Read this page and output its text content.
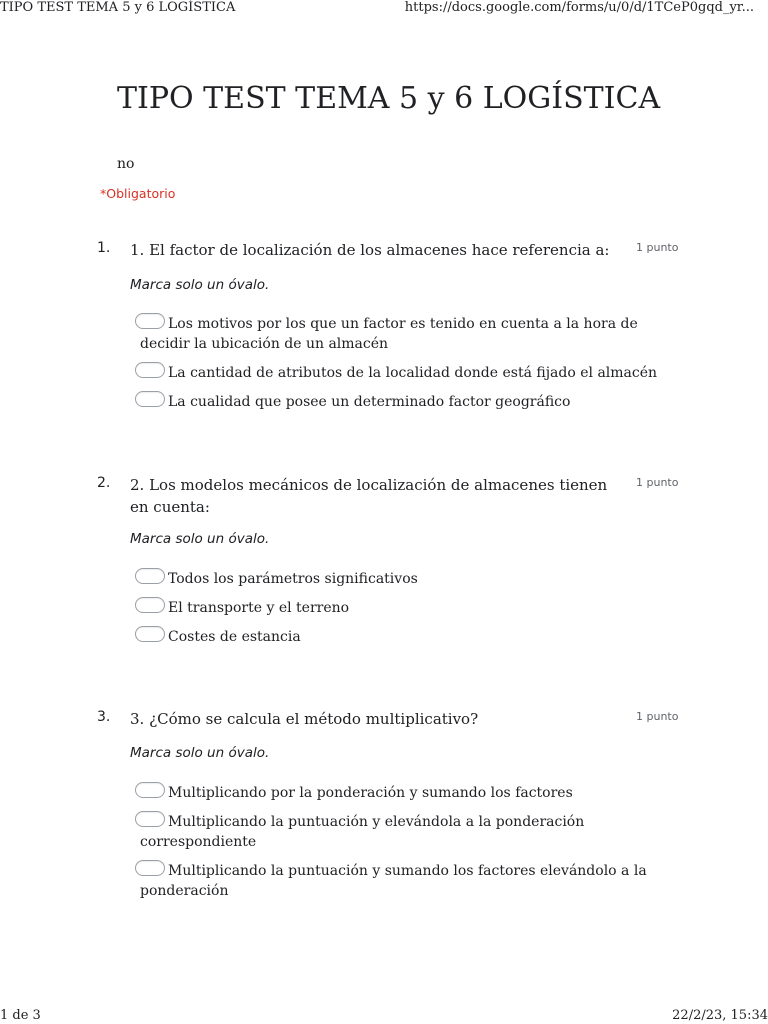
TIPO TEST TEMA 5 y 6 LOGÍSTICA	https://docs.google.com/forms/u/0/d/1TCeP0gqd_yr...
TIPO TEST TEMA 5 y 6 LOGÍSTICA
no
*Obligatorio
1. 1. El factor de localización de los almacenes hace referencia a:	1 punto
Marca solo un óvalo.
Los motivos por los que un factor es tenido en cuenta a la hora de decidir la ubicación de un almacén
La cantidad de atributos de la localidad donde está fijado el almacén
La cualidad que posee un determinado factor geográfico
2. 2. Los modelos mecánicos de localización de almacenes tienen en cuenta:
1 punto
Marca solo un óvalo.
Todos los parámetros significativos
El transporte y el terreno
Costes de estancia
3. 3. ¿Cómo se calcula el método multiplicativo?	1 punto
Marca solo un óvalo.
Multiplicando por la ponderación y sumando los factores
Multiplicando la puntuación y elevándola a la ponderación correspondiente
Multiplicando la puntuación y sumando los factores elevándolo a la ponderación
1 de 3	22/2/23, 15:34
